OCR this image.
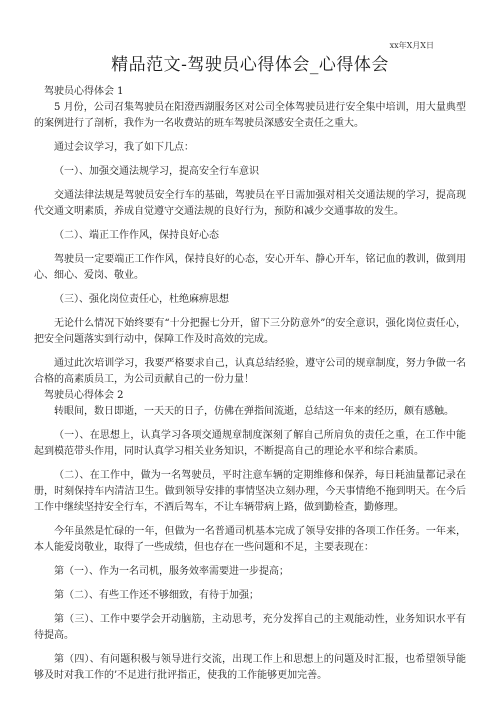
xx年X月X日
精品范文-驾驶员心得体会_心得体会

驾驶员心得体会 1

5 月份，公司召集驾驶员在阳澄西湖服务区对公司全体驾驶员进行安全集中培训，用大量典型的案例进行了剖析，我作为一名收费站的班车驾驶员深感安全责任之重大。

通过会议学习，我了如下几点：

（一）、加强交通法规学习，提高安全行车意识

交通法律法规是驾驶员安全行车的基础，驾驶员在平日需加强对相关交通法规的学习，提高现代交通文明素质，养成自觉遵守交通法规的良好行为，预防和减少交通事故的发生。

（二）、端正工作作风，保持良好心态

驾驶员一定要端正工作作风，保持良好的心态，安心开车、静心开车，铭记血的教训，做到用心、细心、爱岗、敬业。

（三）、强化岗位责任心，杜绝麻痹思想

无论什么情况下始终要有“十分把握七分开，留下三分防意外”的安全意识，强化岗位责任心，把安全问题落实到行动中，保障工作及时高效的完成。

通过此次培训学习，我要严格要求自己，认真总结经验，遵守公司的规章制度，努力争做一名合格的高素质员工，为公司贡献自己的一份力量！

驾驶员心得体会 2

转眼间，数日即逝，一天天的日子，仿佛在弹指间流逝，总结这一年来的经历，颇有感触。

（一）、在思想上，认真学习各项交通规章制度深刻了解自己所肩负的责任之重，在工作中能起到模范带头作用，同时认真学习相关业务知识，不断提高自己的理论水平和综合素质。

（二）、在工作中，做为一名驾驶员，平时注意车辆的定期维修和保养，每日耗油量都记录在册，时刻保持车内清洁卫生。做到领导安排的事情坚决立刻办理，今天事情绝不拖到明天。在今后工作中继续坚持安全行车，不酒后驾车，不让车辆带病上路，做到勤检查，勤修理。

今年虽然是忙碌的一年，但做为一名普通司机基本完成了领导安排的各项工作任务。一年来，本人能爱岗敬业，取得了一些成绩，但也存在一些问题和不足，主要表现在：

第（一）、作为一名司机，服务效率需要进一步提高；

第（二）、有些工作还不够细致，有待于加强；

第（三）、工作中要学会开动脑筋，主动思考，充分发挥自己的主观能动性，业务知识水平有待提高。

第（四）、有问题积极与领导进行交流，出现工作上和思想上的问题及时汇报，也希望领导能够及时对我工作的’不足进行批评指正，使我的工作能够更加完善。
